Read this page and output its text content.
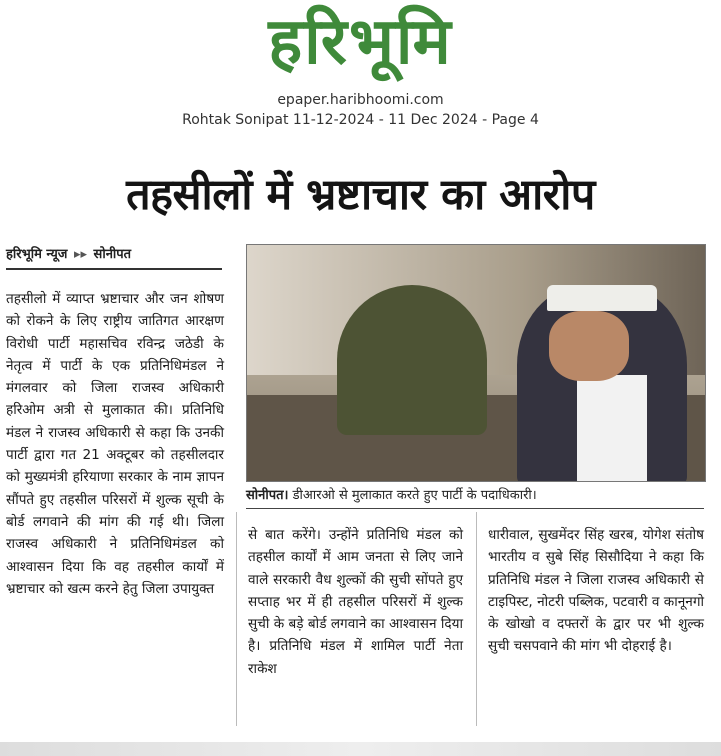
हरिभूमि
epaper.haribhoomi.com
Rohtak Sonipat 11-12-2024 - 11 Dec 2024 - Page 4
तहसीलों में भ्रष्टाचार का आरोप
हरिभूमि न्यूज ▸▸ सोनीपत

तहसीलो में व्याप्त भ्रष्टाचार और जन शोषण को रोकने के लिए राष्ट्रीय जातिगत आरक्षण विरोधी पार्टी महासचिव रविन्द्र जठेडी के नेतृत्व में पार्टी के एक प्रतिनिधिमंडल ने मंगलवार को जिला राजस्व अधिकारी हरिओम अत्री से मुलाकात की। प्रतिनिधि मंडल ने राजस्व अधिकारी से कहा कि उनकी पार्टी द्वारा गत 21 अक्टूबर को तहसीलदार को मुख्यमंत्री हरियाणा सरकार के नाम ज्ञापन सौंपते हुए तहसील परिसरों में शुल्क सूची के बोर्ड लगवाने की मांग की गई थी। जिला राजस्व अधिकारी ने प्रतिनिधिमंडल को आश्वासन दिया कि वह तहसील कार्यों में भ्रष्टाचार को खत्म करने हेतु जिला उपायुक्त

सोनीपत। डीआरओ से मुलाकात करते हुए पार्टी के पदाधिकारी।

से बात करेंगे। उन्होंने प्रतिनिधि मंडल को तहसील कार्यों में आम जनता से लिए जाने वाले सरकारी वैध शुल्कों की सुची सोंपते हुए सप्ताह भर में ही तहसील परिसरों में शुल्क सुची के बड़े बोर्ड लगवाने का आश्वासन दिया है। प्रतिनिधि मंडल में शामिल पार्टी नेता राकेश

धारीवाल, सुखमेंदर सिंह खरब, योगेश संतोष भारतीय व सुबे सिंह सिसौदिया ने कहा कि प्रतिनिधि मंडल ने जिला राजस्व अधिकारी से टाइपिस्ट, नोटरी पब्लिक, पटवारी व कानूनगो के खोखो व दफ्तरों के द्वार पर भी शुल्क सुची चसपवाने की मांग भी दोहराई है।
